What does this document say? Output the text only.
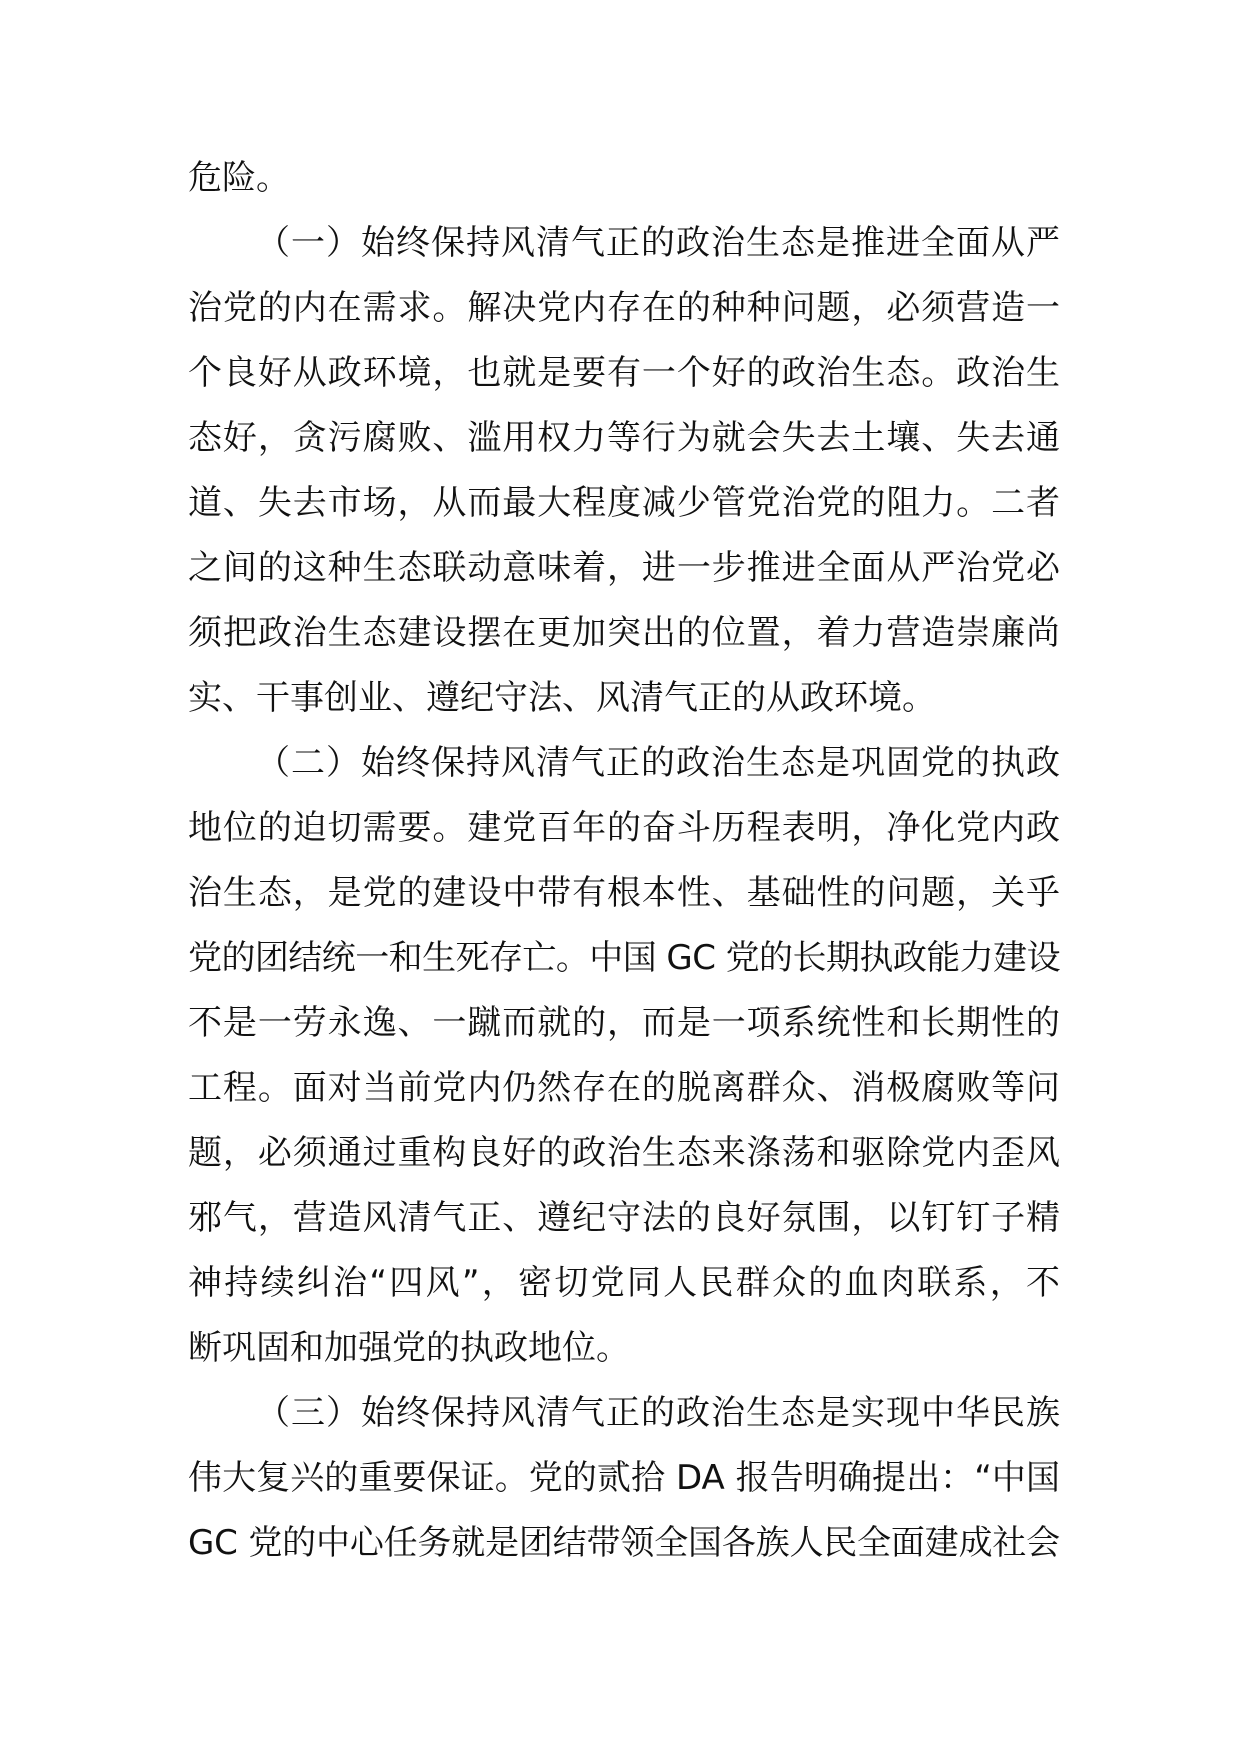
危险。
（一）始终保持风清气正的政治生态是推进全面从严
治党的内在需求。解决党内存在的种种问题，必须营造一
个良好从政环境，也就是要有一个好的政治生态。政治生
态好，贪污腐败、滥用权力等行为就会失去土壤、失去通
道、失去市场，从而最大程度减少管党治党的阻力。二者
之间的这种生态联动意味着，进一步推进全面从严治党必
须把政治生态建设摆在更加突出的位置，着力营造崇廉尚
实、干事创业、遵纪守法、风清气正的从政环境。
（二）始终保持风清气正的政治生态是巩固党的执政
地位的迫切需要。建党百年的奋斗历程表明，净化党内政
治生态，是党的建设中带有根本性、基础性的问题，关乎
党的团结统一和生死存亡。中国 GC 党的长期执政能力建设
不是一劳永逸、一蹴而就的，而是一项系统性和长期性的
工程。面对当前党内仍然存在的脱离群众、消极腐败等问
题，必须通过重构良好的政治生态来涤荡和驱除党内歪风
邪气，营造风清气正、遵纪守法的良好氛围，以钉钉子精
神持续纠治“四风”，密切党同人民群众的血肉联系，不
断巩固和加强党的执政地位。
（三）始终保持风清气正的政治生态是实现中华民族
伟大复兴的重要保证。党的贰拾 DA 报告明确提出：“中国
GC 党的中心任务就是团结带领全国各族人民全面建成社会
